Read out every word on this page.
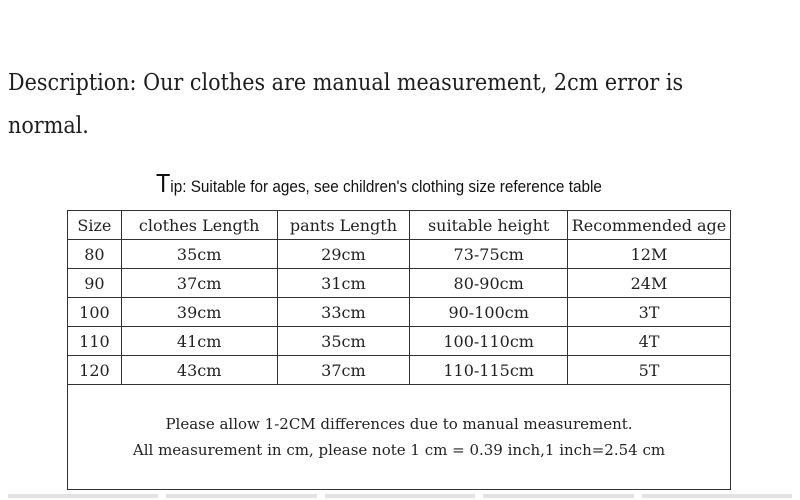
Description: Our clothes are manual measurement, 2cm error is normal.

Tip: Suitable for ages, see children's clothing size reference table
Size	clothes Length	pants Length	suitable height	Recommended age
80	35cm	29cm	73-75cm	12M
90	37cm	31cm	80-90cm	24M
100	39cm	33cm	90-100cm	3T
110	41cm	35cm	100-110cm	4T
120	43cm	37cm	110-115cm	5T

Please allow 1-2CM differences due to manual measurement.

All measurement in cm, please note 1 cm = 0.39 inch,1 inch=2.54 cm				
